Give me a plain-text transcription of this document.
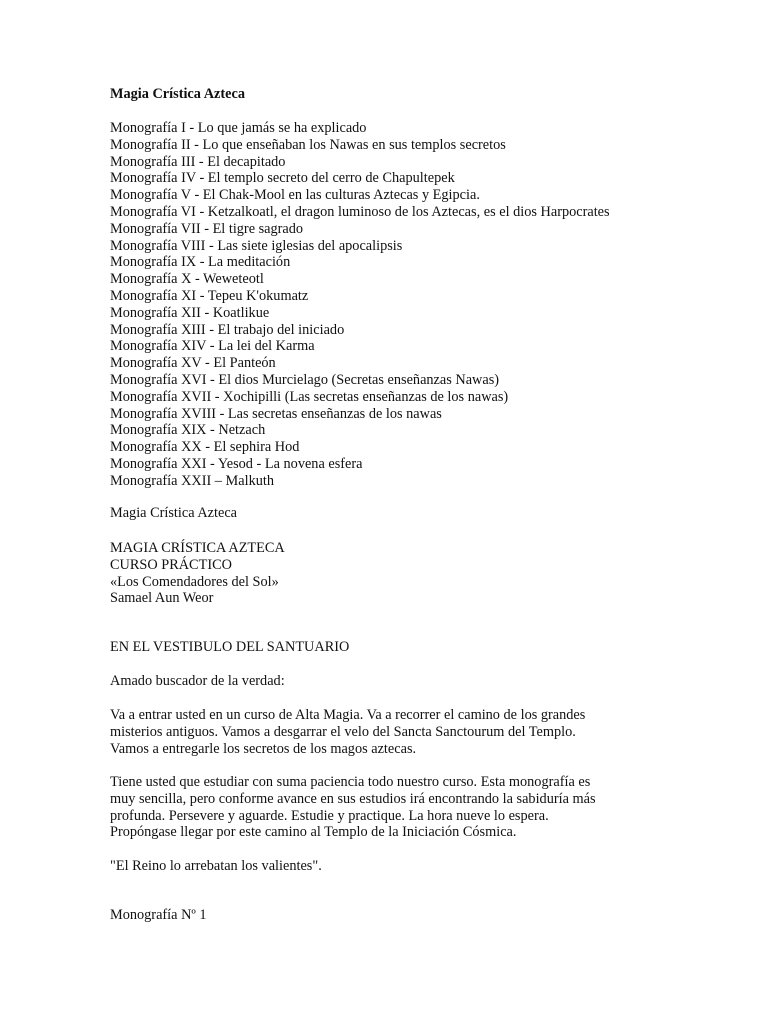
Magia Crística Azteca
Monografía I - Lo que jamás se ha explicado
Monografía II - Lo que enseñaban los Nawas en sus templos secretos
Monografía III - El decapitado
Monografía IV - El templo secreto del cerro de Chapultepek
Monografía V - El Chak-Mool en las culturas Aztecas y Egipcia.
Monografía VI - Ketzalkoatl, el dragon luminoso de los Aztecas, es el dios Harpocrates
Monografía VII - El tigre sagrado
Monografía VIII - Las siete iglesias del apocalipsis
Monografía IX - La meditación
Monografía X - Weweteotl
Monografía XI - Tepeu K'okumatz
Monografía XII - Koatlikue
Monografía XIII - El trabajo del iniciado
Monografía XIV - La lei del Karma
Monografía XV - El Panteón
Monografía XVI - El dios Murcielago (Secretas enseñanzas Nawas)
Monografía XVII - Xochipilli (Las secretas enseñanzas de los nawas)
Monografía XVIII - Las secretas enseñanzas de los nawas
Monografía XIX - Netzach
Monografía XX - El sephira Hod
Monografía XXI - Yesod - La novena esfera
Monografía XXII – Malkuth
Magia Crística Azteca
MAGIA CRÍSTICA AZTECA
CURSO PRÁCTICO
«Los Comendadores del Sol»
Samael Aun Weor
EN EL VESTIBULO DEL SANTUARIO
Amado buscador de la verdad:
Va a entrar usted en un curso de Alta Magia. Va a recorrer el camino de los grandes
misterios antiguos. Vamos a desgarrar el velo del Sancta Sanctourum del Templo.
Vamos a entregarle los secretos de los magos aztecas.
Tiene usted que estudiar con suma paciencia todo nuestro curso. Esta monografía es
muy sencilla, pero conforme avance en sus estudios irá encontrando la sabiduría más
profunda. Persevere y aguarde. Estudie y practique. La hora nueve lo espera.
Propóngase llegar por este camino al Templo de la Iniciación Cósmica.
"El Reino lo arrebatan los valientes".
Monografía Nº 1
